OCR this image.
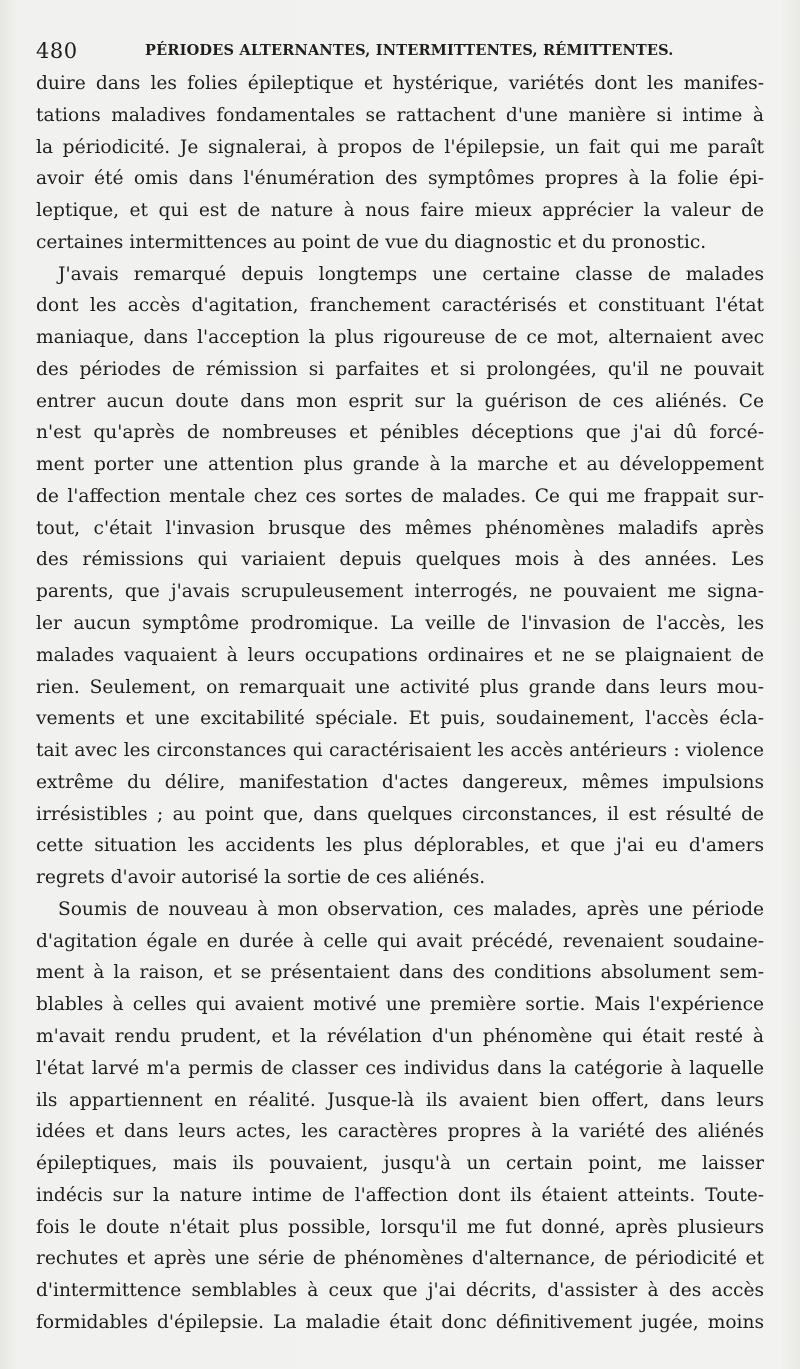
480	PÉRIODES ALTERNANTES, INTERMITTENTES, RÉMITTENTES.
duire dans les folies épileptique et hystérique, variétés dont les manifes-
tations maladives fondamentales se rattachent d'une manière si intime à
la périodicité. Je signalerai, à propos de l'épilepsie, un fait qui me paraît
avoir été omis dans l'énumération des symptômes propres à la folie épi-
leptique, et qui est de nature à nous faire mieux apprécier la valeur de
certaines intermittences au point de vue du diagnostic et du pronostic.
J'avais remarqué depuis longtemps une certaine classe de malades
dont les accès d'agitation, franchement caractérisés et constituant l'état
maniaque, dans l'acception la plus rigoureuse de ce mot, alternaient avec
des périodes de rémission si parfaites et si prolongées, qu'il ne pouvait
entrer aucun doute dans mon esprit sur la guérison de ces aliénés. Ce
n'est qu'après de nombreuses et pénibles déceptions que j'ai dû forcé-
ment porter une attention plus grande à la marche et au développement
de l'affection mentale chez ces sortes de malades. Ce qui me frappait sur-
tout, c'était l'invasion brusque des mêmes phénomènes maladifs après
des rémissions qui variaient depuis quelques mois à des années. Les
parents, que j'avais scrupuleusement interrogés, ne pouvaient me signa-
ler aucun symptôme prodromique. La veille de l'invasion de l'accès, les
malades vaquaient à leurs occupations ordinaires et ne se plaignaient de
rien. Seulement, on remarquait une activité plus grande dans leurs mou-
vements et une excitabilité spéciale. Et puis, soudainement, l'accès écla-
tait avec les circonstances qui caractérisaient les accès antérieurs : violence
extrême du délire, manifestation d'actes dangereux, mêmes impulsions
irrésistibles ; au point que, dans quelques circonstances, il est résulté de
cette situation les accidents les plus déplorables, et que j'ai eu d'amers
regrets d'avoir autorisé la sortie de ces aliénés.
Soumis de nouveau à mon observation, ces malades, après une période
d'agitation égale en durée à celle qui avait précédé, revenaient soudaine-
ment à la raison, et se présentaient dans des conditions absolument sem-
blables à celles qui avaient motivé une première sortie. Mais l'expérience
m'avait rendu prudent, et la révélation d'un phénomène qui était resté à
l'état larvé m'a permis de classer ces individus dans la catégorie à laquelle
ils appartiennent en réalité. Jusque-là ils avaient bien offert, dans leurs
idées et dans leurs actes, les caractères propres à la variété des aliénés
épileptiques, mais ils pouvaient, jusqu'à un certain point, me laisser
indécis sur la nature intime de l'affection dont ils étaient atteints. Toute-
fois le doute n'était plus possible, lorsqu'il me fut donné, après plusieurs
rechutes et après une série de phénomènes d'alternance, de périodicité et
d'intermittence semblables à ceux que j'ai décrits, d'assister à des accès
formidables d'épilepsie. La maladie était donc définitivement jugée, moins
